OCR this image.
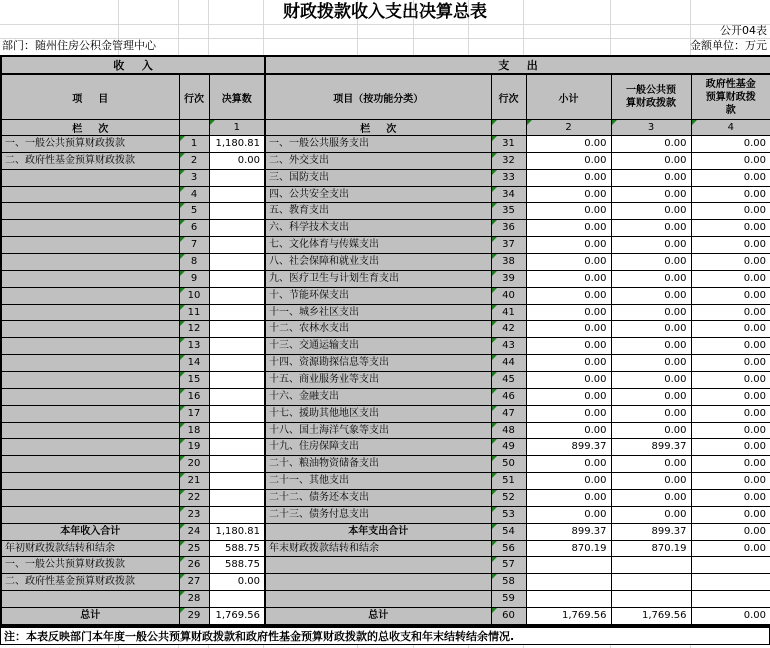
财政拨款收入支出决算总表
公开04表
部门：随州住房公积金管理中心	金额单位：万元
收入			支出				
项目	行次	决算数	项目（按功能分类）	行次	小计	一般公共预算财政拨款	政府性基金预算财政拨款
栏次		1	栏次		2	3	4
一、一般公共预算财政拨款	1	1,180.81	一、一般公共服务支出	31	0.00	0.00	0.00
二、政府性基金预算财政拨款	2	0.00	二、外交支出	32	0.00	0.00	0.00
	3		三、国防支出	33	0.00	0.00	0.00
	4		四、公共安全支出	34	0.00	0.00	0.00
	5		五、教育支出	35	0.00	0.00	0.00
	6		六、科学技术支出	36	0.00	0.00	0.00
	7		七、文化体育与传媒支出	37	0.00	0.00	0.00
	8		八、社会保障和就业支出	38	0.00	0.00	0.00
	9		九、医疗卫生与计划生育支出	39	0.00	0.00	0.00
	10		十、节能环保支出	40	0.00	0.00	0.00
	11		十一、城乡社区支出	41	0.00	0.00	0.00
	12		十二、农林水支出	42	0.00	0.00	0.00
	13		十三、交通运输支出	43	0.00	0.00	0.00
	14		十四、资源勘探信息等支出	44	0.00	0.00	0.00
	15		十五、商业服务业等支出	45	0.00	0.00	0.00
	16		十六、金融支出	46	0.00	0.00	0.00
	17		十七、援助其他地区支出	47	0.00	0.00	0.00
	18		十八、国土海洋气象等支出	48	0.00	0.00	0.00
	19		十九、住房保障支出	49	899.37	899.37	0.00
	20		二十、粮油物资储备支出	50	0.00	0.00	0.00
	21		二十一、其他支出	51	0.00	0.00	0.00
	22		二十二、债务还本支出	52	0.00	0.00	0.00
	23		二十三、债务付息支出	53	0.00	0.00	0.00
本年收入合计	24	1,180.81	本年支出合计	54	899.37	899.37	0.00
年初财政拨款结转和结余	25	588.75	年末财政拨款结转和结余	56	870.19	870.19	0.00
一、一般公共预算财政拨款	26	588.75		57			
二、政府性基金预算财政拨款	27	0.00		58			
	28			59			
总计	29	1,769.56	总计	60	1,769.56	1,769.56	0.00
注：本表反映部门本年度一般公共预算财政拨款和政府性基金预算财政拨款的总收支和年末结转结余情况.
